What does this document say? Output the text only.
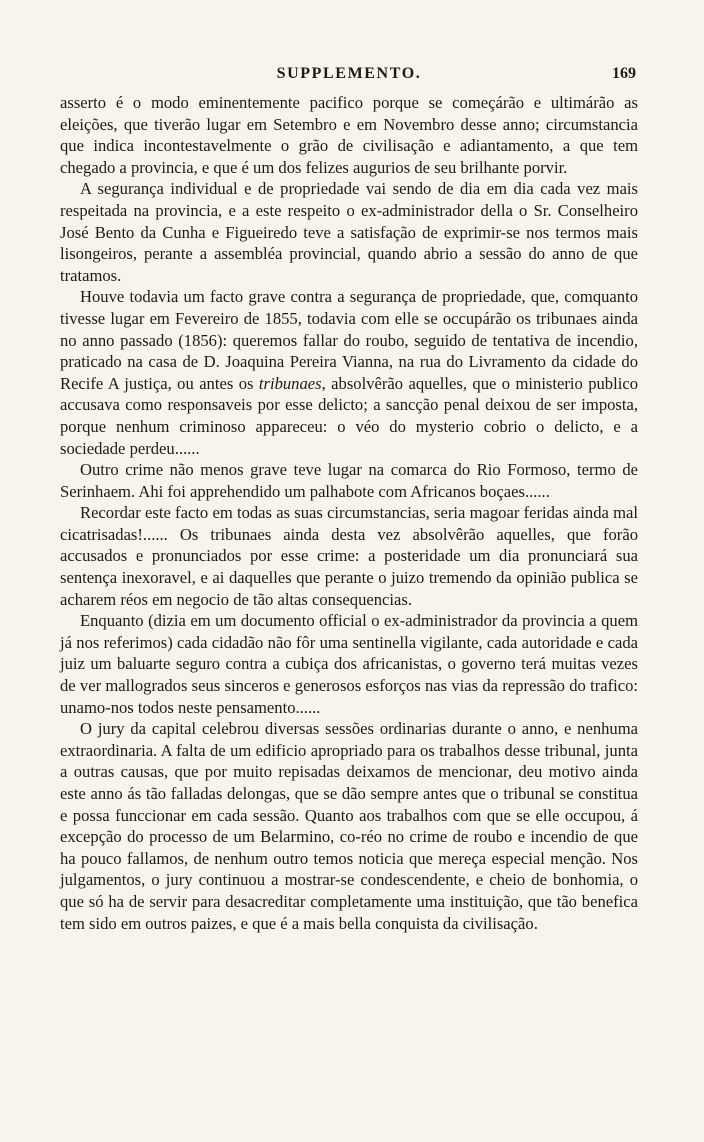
SUPPLEMENTO.	169

asserto é o modo eminentemente pacifico porque se começárão e ultimárão as eleições, que tiverão lugar em Setembro e em Novembro desse anno; circumstancia que indica incontestavelmente o grão de civilisação e adiantamento, a que tem chegado a provincia, e que é um dos felizes augurios de seu brilhante porvir.

A segurança individual e de propriedade vai sendo de dia em dia cada vez mais respeitada na provincia, e a este respeito o ex-administrador della o Sr. Conselheiro José Bento da Cunha e Figueiredo teve a satisfação de exprimir-se nos termos mais lisongeiros, perante a assembléa provincial, quando abrio a sessão do anno de que tratamos.

Houve todavia um facto grave contra a segurança de propriedade, que, comquanto tivesse lugar em Fevereiro de 1855, todavia com elle se occupárão os tribunaes ainda no anno passado (1856): queremos fallar do roubo, seguido de tentativa de incendio, praticado na casa de D. Joaquina Pereira Vianna, na rua do Livramento da cidade do Recife A justiça, ou antes os tribunaes, absolvêrão aquelles, que o ministerio publico accusava como responsaveis por esse delicto; a sancção penal deixou de ser imposta, porque nenhum criminoso appareceu: o véo do mysterio cobrio o delicto, e a sociedade perdeu......

Outro crime não menos grave teve lugar na comarca do Rio Formoso, termo de Serinhaem. Ahi foi apprehendido um palhabote com Africanos boçaes......

Recordar este facto em todas as suas circumstancias, seria magoar feridas ainda mal cicatrisadas!...... Os tribunaes ainda desta vez absolvêrão aquelles, que forão accusados e pronunciados por esse crime: a posteridade um dia pronunciará sua sentença inexoravel, e ai daquelles que perante o juizo tremendo da opinião publica se acharem réos em negocio de tão altas consequencias.

Enquanto (dizia em um documento official o ex-administrador da provincia a quem já nos referimos) cada cidadão não fôr uma sentinella vigilante, cada autoridade e cada juiz um baluarte seguro contra a cubiça dos africanistas, o governo terá muitas vezes de ver mallogrados seus sinceros e generosos esforços nas vias da repressão do trafico: unamo-nos todos neste pensamento......

O jury da capital celebrou diversas sessões ordinarias durante o anno, e nenhuma extraordinaria. A falta de um edificio apropriado para os trabalhos desse tribunal, junta a outras causas, que por muito repisadas deixamos de mencionar, deu motivo ainda este anno ás tão falladas delongas, que se dão sempre antes que o tribunal se constitua e possa funccionar em cada sessão. Quanto aos trabalhos com que se elle occupou, á excepção do processo de um Belarmino, co-réo no crime de roubo e incendio de que ha pouco fallamos, de nenhum outro temos noticia que mereça especial menção. Nos julgamentos, o jury continuou a mostrar-se condescendente, e cheio de bonhomia, o que só ha de servir para desacreditar completamente uma instituição, que tão benefica tem sido em outros paizes, e que é a mais bella conquista da civilisação.
